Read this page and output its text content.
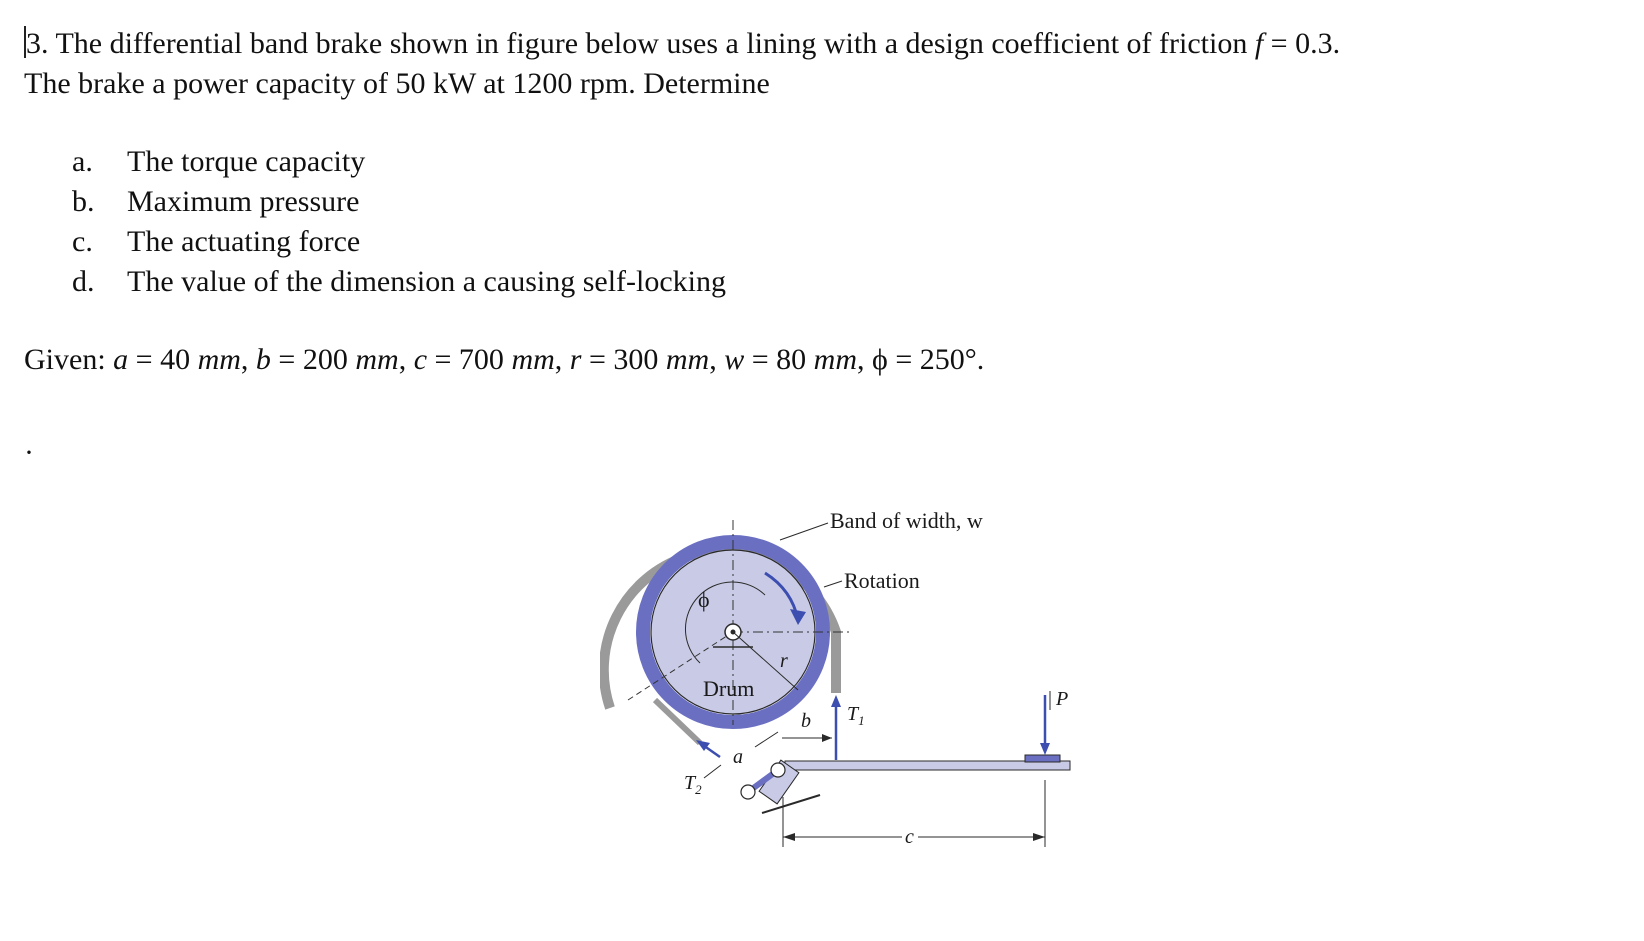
3. The differential band brake shown in figure below uses a lining with a design coefficient of friction f = 0.3.
The brake a power capacity of 50 kW at 1200 rpm. Determine
a.	The torque capacity
b.	Maximum pressure
c.	The actuating force
d.	The value of the dimension a causing self-locking
Given: a = 40 mm, b = 200 mm, c = 700 mm, r = 300 mm, w = 80 mm, ϕ = 250°.
·
ϕ
r
Drum
Band of width, w
Rotation
$T_1$
P
$T_2$
a
b
c
